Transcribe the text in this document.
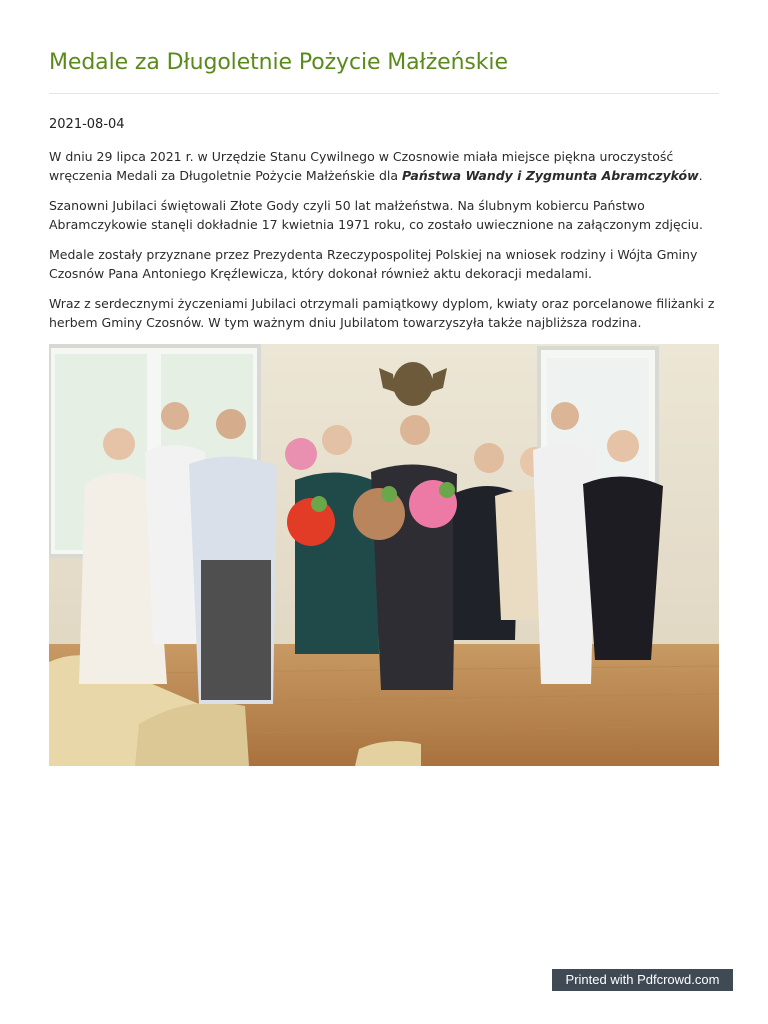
Medale za Długoletnie Pożycie Małżeńskie
2021-08-04

W dniu 29 lipca 2021 r. w Urzędzie Stanu Cywilnego w Czosnowie miała miejsce piękna uroczystość wręczenia Medali za Długoletnie Pożycie Małżeńskie dla Państwa Wandy i Zygmunta Abramczyków.

Szanowni Jubilaci świętowali Złote Gody czyli 50 lat małżeństwa. Na ślubnym kobiercu Państwo Abramczykowie stanęli dokładnie 17 kwietnia 1971 roku, co zostało uwiecznione na załączonym zdjęciu.

Medale zostały przyznane przez Prezydenta Rzeczypospolitej Polskiej na wniosek rodziny i Wójta Gminy Czosnów Pana Antoniego Kręźlewicza, który dokonał również aktu dekoracji medalami.

Wraz z serdecznymi życzeniami Jubilaci otrzymali pamiątkowy dyplom, kwiaty oraz porcelanowe filiżanki z herbem Gminy Czosnów. W tym ważnym dniu Jubilatom towarzyszyła także najbliższa rodzina.

Printed with Pdfcrowd.com
